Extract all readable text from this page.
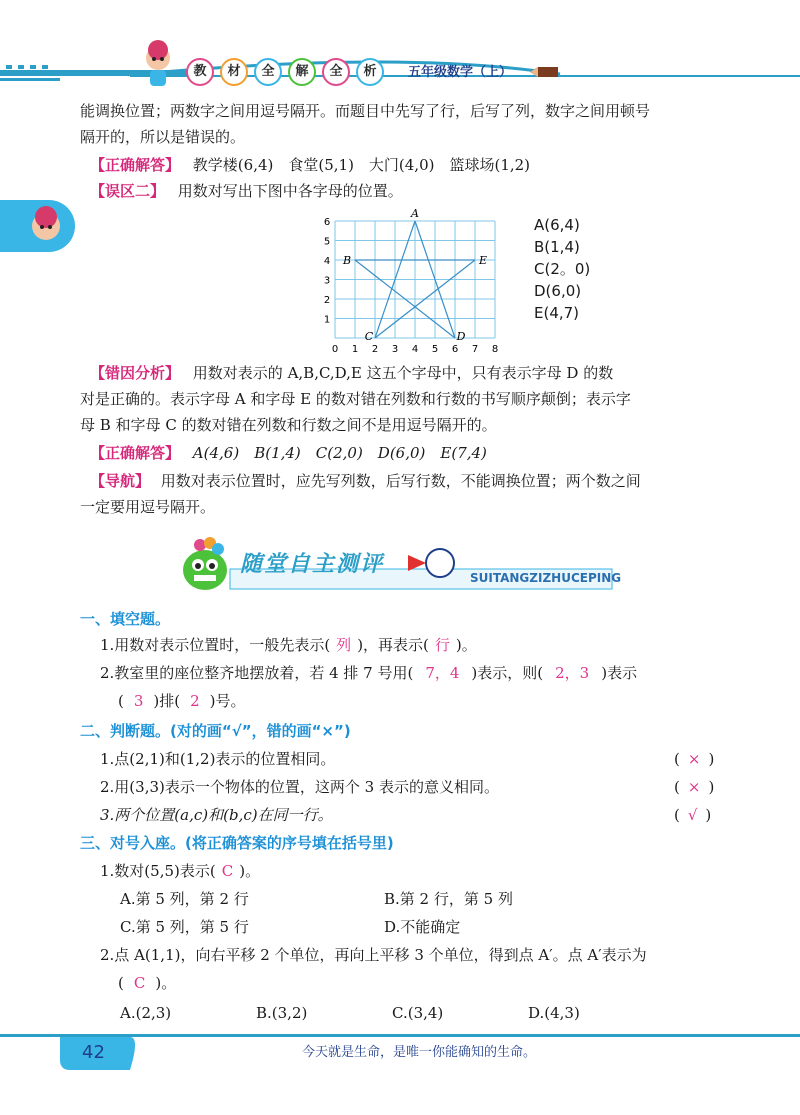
教	材	全	解	全	析	五年级数学（上）
能调换位置；两数字之间用逗号隔开。而题目中先写了行，后写了列，数字之间用顿号
隔开的，所以是错误的。
【正确解答】 教学楼(6,4)　食堂(5,1)　大门(4,0)　篮球场(1,2)
【误区二】 用数对写出下图中各字母的位置。
0 1 2 3 4 5 6 7 8
1
2
3
4
5
6
A
B
C	D
E
A(6,4)
B(1,4)
C(2。0)
D(6,0)
E(4,7)
【错因分析】 用数对表示的 A,B,C,D,E 这五个字母中，只有表示字母 D 的数
对是正确的。表示字母 A 和字母 E 的数对错在列数和行数的书写顺序颠倒；表示字
母 B 和字母 C 的数对错在列数和行数之间不是用逗号隔开的。
【正确解答】 A(4,6)　B(1,4)　C(2,0)　D(6,0)　E(7,4)
【导航】 用数对表示位置时，应先写列数，后写行数，不能调换位置；两个数之间
一定要用逗号隔开。
随堂自主测评
SUITANGZIZHUCEPING
一、填空题。
1.用数对表示位置时，一般先表示( 列 )，再表示( 行 )。
2.教室里的座位整齐地摆放着，若 4 排 7 号用( 7，4 )表示，则( 2，3 )表示
( 3 )排( 2 )号。
二、判断题。(对的画“√”，错的画“×”)
1.点(2,1)和(1,2)表示的位置相同。	( × )
2.用(3,3)表示一个物体的位置，这两个 3 表示的意义相同。	( × )
3.两个位置(a,c)和(b,c)在同一行。	( √ )
三、对号入座。(将正确答案的序号填在括号里)
1.数对(5,5)表示( C )。
A.第 5 列，第 2 行	B.第 2 行，第 5 列
C.第 5 列，第 5 行	D.不能确定
2.点 A(1,1)，向右平移 2 个单位，再向上平移 3 个单位，得到点 A′。点 A′表示为
( C )。
A.(2,3)	B.(3,2)	C.(3,4)	D.(4,3)
42	今天就是生命，是唯一你能确知的生命。
